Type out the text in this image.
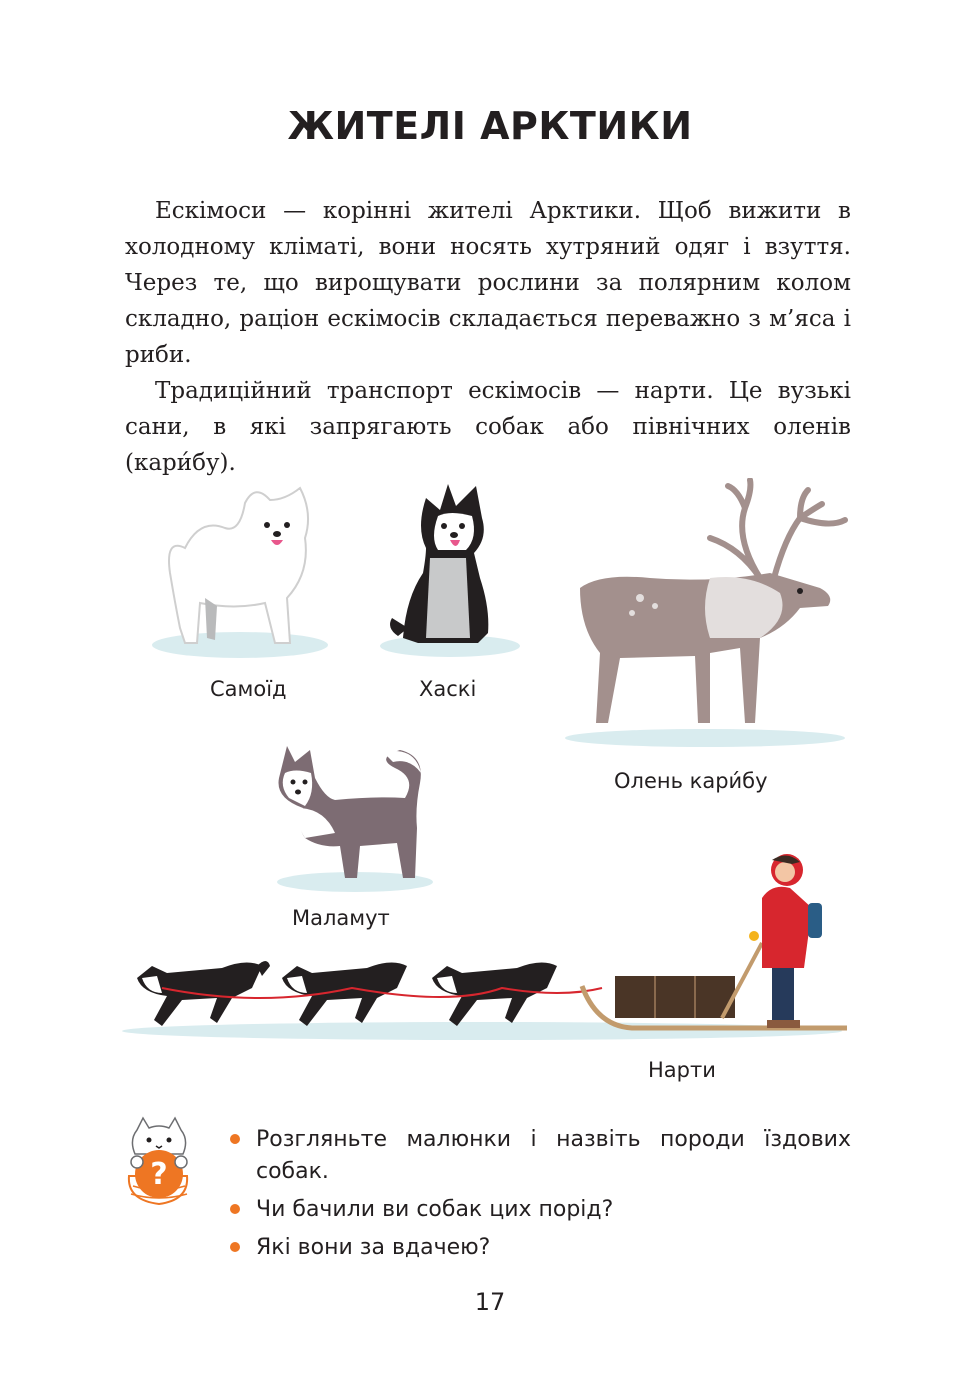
ЖИТЕЛІ АРКТИКИ

Ескімоси — корінні жителі Арктики. Щоб вижити в холодному кліматі, вони носять хутряний одяг і взуття. Через те, що вирощувати рослини за полярним колом складно, раціон ескімосів складається переважно з м’яса і риби.

Традиційний транспорт ескімосів — нарти. Це вузькі сани, в які запрягають собак або північних оленів (кари́бу).

Самоїд	Хаскі
Олень кари́бу
Маламут
Нарти
?
Розгляньте малюнки і назвіть породи їздових собак.
Чи бачили ви собак цих порід?
Які вони за вдачею?
17
